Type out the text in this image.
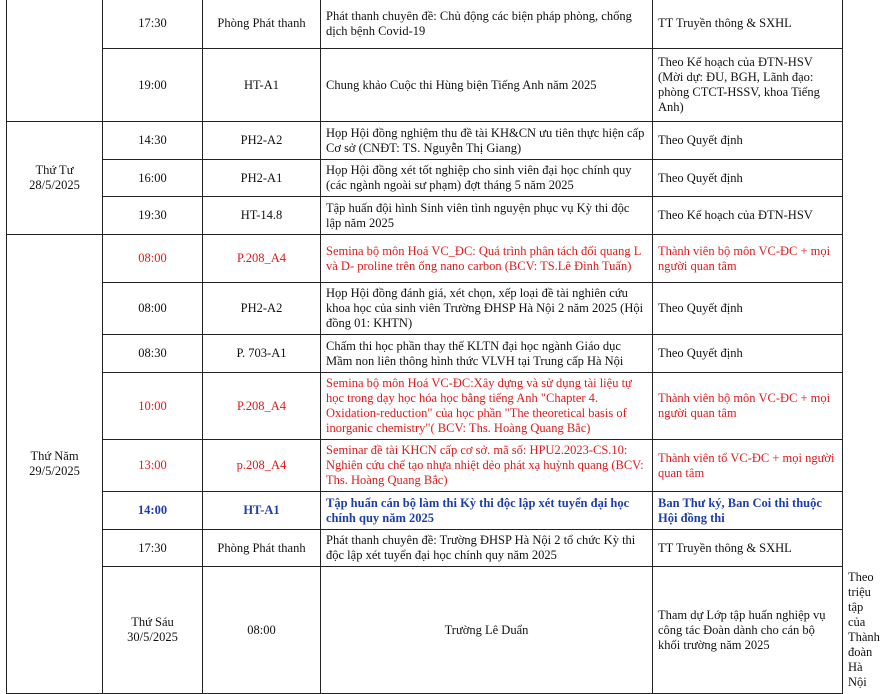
	17:30	Phòng Phát thanh	Phát thanh chuyên đề: Chủ động các biện pháp phòng, chống dịch bệnh Covid-19	TT Truyền thông & SXHL	
	19:00	HT-A1	Chung khảo Cuộc thi Hùng biện Tiếng Anh năm 2025	Theo Kế hoạch của ĐTN-HSV (Mời dự: ĐU, BGH, Lãnh đạo: phòng CTCT-HSSV, khoa Tiếng Anh)	

Thứ Tư
28/5/2025	14:30	PH2-A2	Họp Hội đồng nghiệm thu đề tài KH&CN ưu tiên thực hiện cấp Cơ sở (CNĐT: TS. Nguyễn Thị Giang)	Theo Quyết định	
	16:00	PH2-A1	Họp Hội đồng xét tốt nghiệp cho sinh viên đại học chính quy (các ngành ngoài sư phạm) đợt tháng 5 năm 2025	Theo Quyết định	
	19:30	HT-14.8	Tập huấn đội hình Sinh viên tình nguyện phục vụ Kỳ thi độc lập năm 2025	Theo Kế hoạch của ĐTN-HSV	

Thứ Năm
29/5/2025	08:00	P.208_A4	Semina bộ môn Hoá VC_ĐC: Quá trình phân tách đối quang L và D- proline trên ống nano carbon (BCV: TS.Lê Đình Tuấn)	Thành viên bộ môn VC-ĐC + mọi người quan tâm	
	08:00	PH2-A2	Họp Hội đồng đánh giá, xét chọn, xếp loại đề tài nghiên cứu khoa học của sinh viên Trường ĐHSP Hà Nội 2 năm 2025 (Hội đồng 01: KHTN)	Theo Quyết định	
	08:30	P. 703-A1	Chấm thi học phần thay thế KLTN đại học ngành Giáo dục Mầm non liên thông hình thức VLVH tại Trung cấp Hà Nội	Theo Quyết định	
	10:00	P.208_A4	Semina bộ môn Hoá VC-ĐC:Xây dựng và sử dụng tài liệu tự học trong dạy học hóa học bằng tiếng Anh "Chapter 4. Oxidation-reduction" của học phần "The theoretical basis of inorganic chemistry"( BCV: Ths. Hoàng Quang Bắc)	Thành viên bộ môn VC-ĐC + mọi người quan tâm	
	13:00	p.208_A4	Seminar đề tài KHCN cấp cơ sở. mã số: HPU2.2023-CS.10: Nghiên cứu chế tạo nhựa nhiệt dẻo phát xạ huỳnh quang (BCV: Ths. Hoàng Quang Bắc)	Thành viên tổ VC-ĐC + mọi người quan tâm	
	14:00	HT-A1	Tập huấn cán bộ làm thi Kỳ thi độc lập xét tuyển đại học chính quy năm 2025	Ban Thư ký, Ban Coi thi thuộc Hội đồng thi	
	17:30	Phòng Phát thanh	Phát thanh chuyên đề: Trường ĐHSP Hà Nội 2 tổ chức Kỳ thi độc lập xét tuyển đại học chính quy năm 2025	TT Truyền thông & SXHL	

	Thứ Sáu
30/5/2025	08:00	Trường Lê Duẩn	Tham dự Lớp tập huấn nghiệp vụ công tác Đoàn dành cho cán bộ khối trường năm 2025	Theo triệu tập của Thành đoàn Hà Nội
